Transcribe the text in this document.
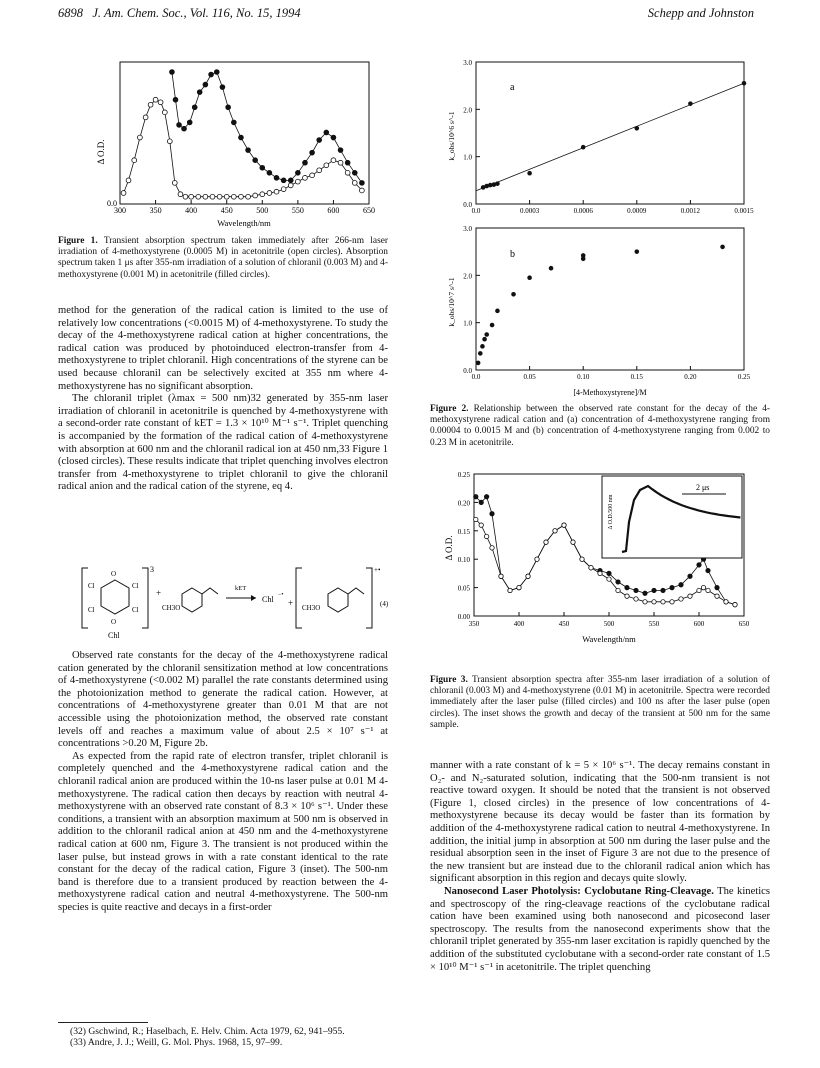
6898 J. Am. Chem. Soc., Vol. 116, No. 15, 1994	Schepp and Johnston
300	350	400	450	500	550	600	650
0.0
Δ O.D.
Wavelength/nm
Figure 1. Transient absorption spectrum taken immediately after 266-nm laser irradiation of 4-methoxystyrene (0.0005 M) in acetonitrile (open circles). Absorption spectrum taken 1 μs after 355-nm irradiation of a solution of chloranil (0.003 M) and 4-methoxystyrene (0.001 M) in acetonitrile (filled circles).

method for the generation of the radical cation is limited to the use of relatively low concentrations (<0.0015 M) of 4-methoxystyrene. To study the decay of the 4-methoxystyrene radical cation at higher concentrations, the radical cation was produced by photoinduced electron-transfer from 4-methoxystyrene to triplet chloranil. High concentrations of the styrene can be used because chloranil can be selectively excited at 355 nm where 4-methoxystyrene has no significant absorption.

The chloranil triplet (λmax = 500 nm)32 generated by 355-nm laser irradiation of chloranil in acetonitrile is quenched by 4-methoxystyrene with a second-order rate constant of kET = 1.3 × 10¹⁰ M⁻¹ s⁻¹. Triplet quenching is accompanied by the formation of the radical cation of 4-methoxystyrene with absorption at 600 nm and the chloranil radical ion at 450 nm,33 Figure 1 (closed circles). These results indicate that triplet quenching involves electron transfer from 4-methoxystyrene to triplet chloranil to give the chloranil radical anion and the radical cation of the styrene, eq 4.

3
O
O
Cl	Cl
Cl	Cl
Chl
+
CH3O
kET
Chl −•
+ CH3O
+•
(4)

Observed rate constants for the decay of the 4-methoxystyrene radical cation generated by the chloranil sensitization method at low concentrations of 4-methoxystyrene (<0.002 M) parallel the rate constants determined using the photoionization method to generate the radical cation. However, at concentrations of 4-methoxystyrene greater than 0.01 M that are not accessible using the photoionization method, the observed rate constant levels off and reaches a maximum value of about 2.5 × 10⁷ s⁻¹ at concentrations >0.20 M, Figure 2b.

As expected from the rapid rate of electron transfer, triplet chloranil is completely quenched and the 4-methoxystyrene radical cation and the chloranil radical anion are produced within the 10-ns laser pulse at 0.01 M 4-methoxystyrene. The radical cation then decays by reaction with neutral 4-methoxystyrene with an observed rate constant of 8.3 × 10⁶ s⁻¹. Under these conditions, a transient with an absorption maximum at 500 nm is observed in addition to the chloranil radical anion at 450 nm and the 4-methoxystyrene radical cation at 600 nm, Figure 3. The transient is not produced within the laser pulse, but instead grows in with a rate constant identical to the rate constant for the decay of the radical cation, Figure 3 (inset). The 500-nm band is therefore due to a transient produced by reaction between the 4-methoxystyrene radical cation and neutral 4-methoxystyrene. The 500-nm species is quite reactive and decays in a first-order

(32) Gschwind, R.; Haselbach, E. Helv. Chim. Acta 1979, 62, 941–955.
(33) Andre, J. J.; Weill, G. Mol. Phys. 1968, 15, 97–99.
0.0	0.0003	0.0006	0.0009	0.0012	0.0015
0.0
1.0
2.0
3.0
0.0	0.05	0.10	0.15	0.20	0.25
0.0
1.0
2.0
3.0
a
b
k_obs/10^6 s^-1
k_obs/10^7 s^-1
[4-Methoxystyrene]/M
Figure 2. Relationship between the observed rate constant for the decay of the 4-methoxystyrene radical cation and (a) concentration of 4-methoxystyrene ranging from 0.00004 to 0.0015 M and (b) concentration of 4-methoxystyrene ranging from 0.002 to 0.23 M in acetonitrile.
350	400	450	500	550	600	650
0.00
0.05
0.10
0.15
0.20
0.25
2 μs
Δ O.D.500 nm
Δ O.D.
Wavelength/nm
Figure 3. Transient absorption spectra after 355-nm laser irradiation of a solution of chloranil (0.003 M) and 4-methoxystyrene (0.01 M) in acetonitrile. Spectra were recorded immediately after the laser pulse (filled circles) and 100 ns after the laser pulse (open circles). The inset shows the growth and decay of the transient at 500 nm for the same sample.

manner with a rate constant of k = 5 × 10⁶ s⁻¹. The decay remains constant in O₂- and N₂-saturated solution, indicating that the 500-nm transient is not reactive toward oxygen. It should be noted that the transient is not observed (Figure 1, closed circles) in the presence of low concentrations of 4-methoxystyrene because its decay would be faster than its formation by addition of the 4-methoxystyrene radical cation to neutral 4-methoxystyrene. In addition, the initial jump in absorption at 500 nm during the laser pulse and the residual absorption seen in the inset of Figure 3 are not due to the presence of the new transient but are instead due to the chloranil radical anion which has significant absorption in this region and decays quite slowly.

Nanosecond Laser Photolysis: Cyclobutane Ring-Cleavage. The kinetics and spectroscopy of the ring-cleavage reactions of the cyclobutane radical cation have been examined using both nanosecond and picosecond laser spectroscopy. The results from the nanosecond experiments show that the chloranil triplet generated by 355-nm laser excitation is rapidly quenched by the addition of the substituted cyclobutane with a second-order rate constant of 1.5 × 10¹⁰ M⁻¹ s⁻¹ in acetonitrile. The triplet quenching
